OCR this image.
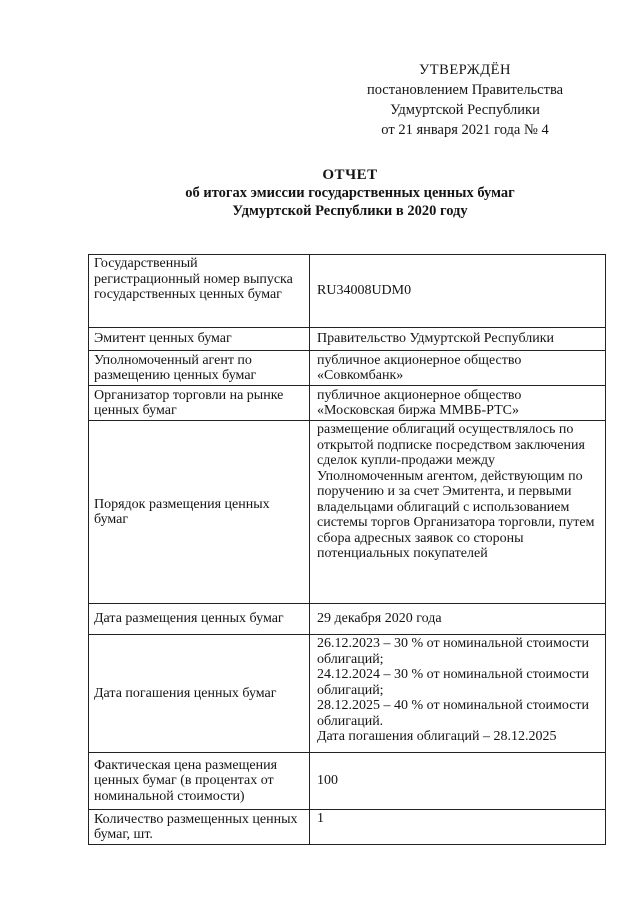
УТВЕРЖДЁН
постановлением Правительства
Удмуртской Республики
от 21 января 2021 года № 4
ОТЧЕТ
об итогах эмиссии государственных ценных бумаг
Удмуртской Республики в 2020 году
Государственный регистрационный номер выпуска государственных ценных бумаг	RU34008UDM0
Эмитент ценных бумаг	Правительство Удмуртской Республики
Уполномоченный агент по размещению ценных бумаг	публичное акционерное общество «Совкомбанк»
Организатор торговли на рынке ценных бумаг	публичное акционерное общество «Московская биржа ММВБ-РТС»
Порядок размещения ценных бумаг	размещение облигаций осуществлялось по открытой подписке посредством заключения сделок купли-продажи между Уполномоченным агентом, действующим по поручению и за счет Эмитента, и первыми владельцами облигаций с использованием системы торгов Организатора торговли, путем сбора адресных заявок со стороны потенциальных покупателей
Дата размещения ценных бумаг	29 декабря 2020 года
Дата погашения ценных бумаг	26.12.2023 – 30 % от номинальной стоимости облигаций;
24.12.2024 – 30 % от номинальной стоимости облигаций;
28.12.2025 – 40 % от номинальной стоимости облигаций.
Дата погашения облигаций – 28.12.2025

Фактическая цена размещения ценных бумаг (в процентах от номинальной стоимости)	100
Количество размещенных ценных бумаг, шт.	1
